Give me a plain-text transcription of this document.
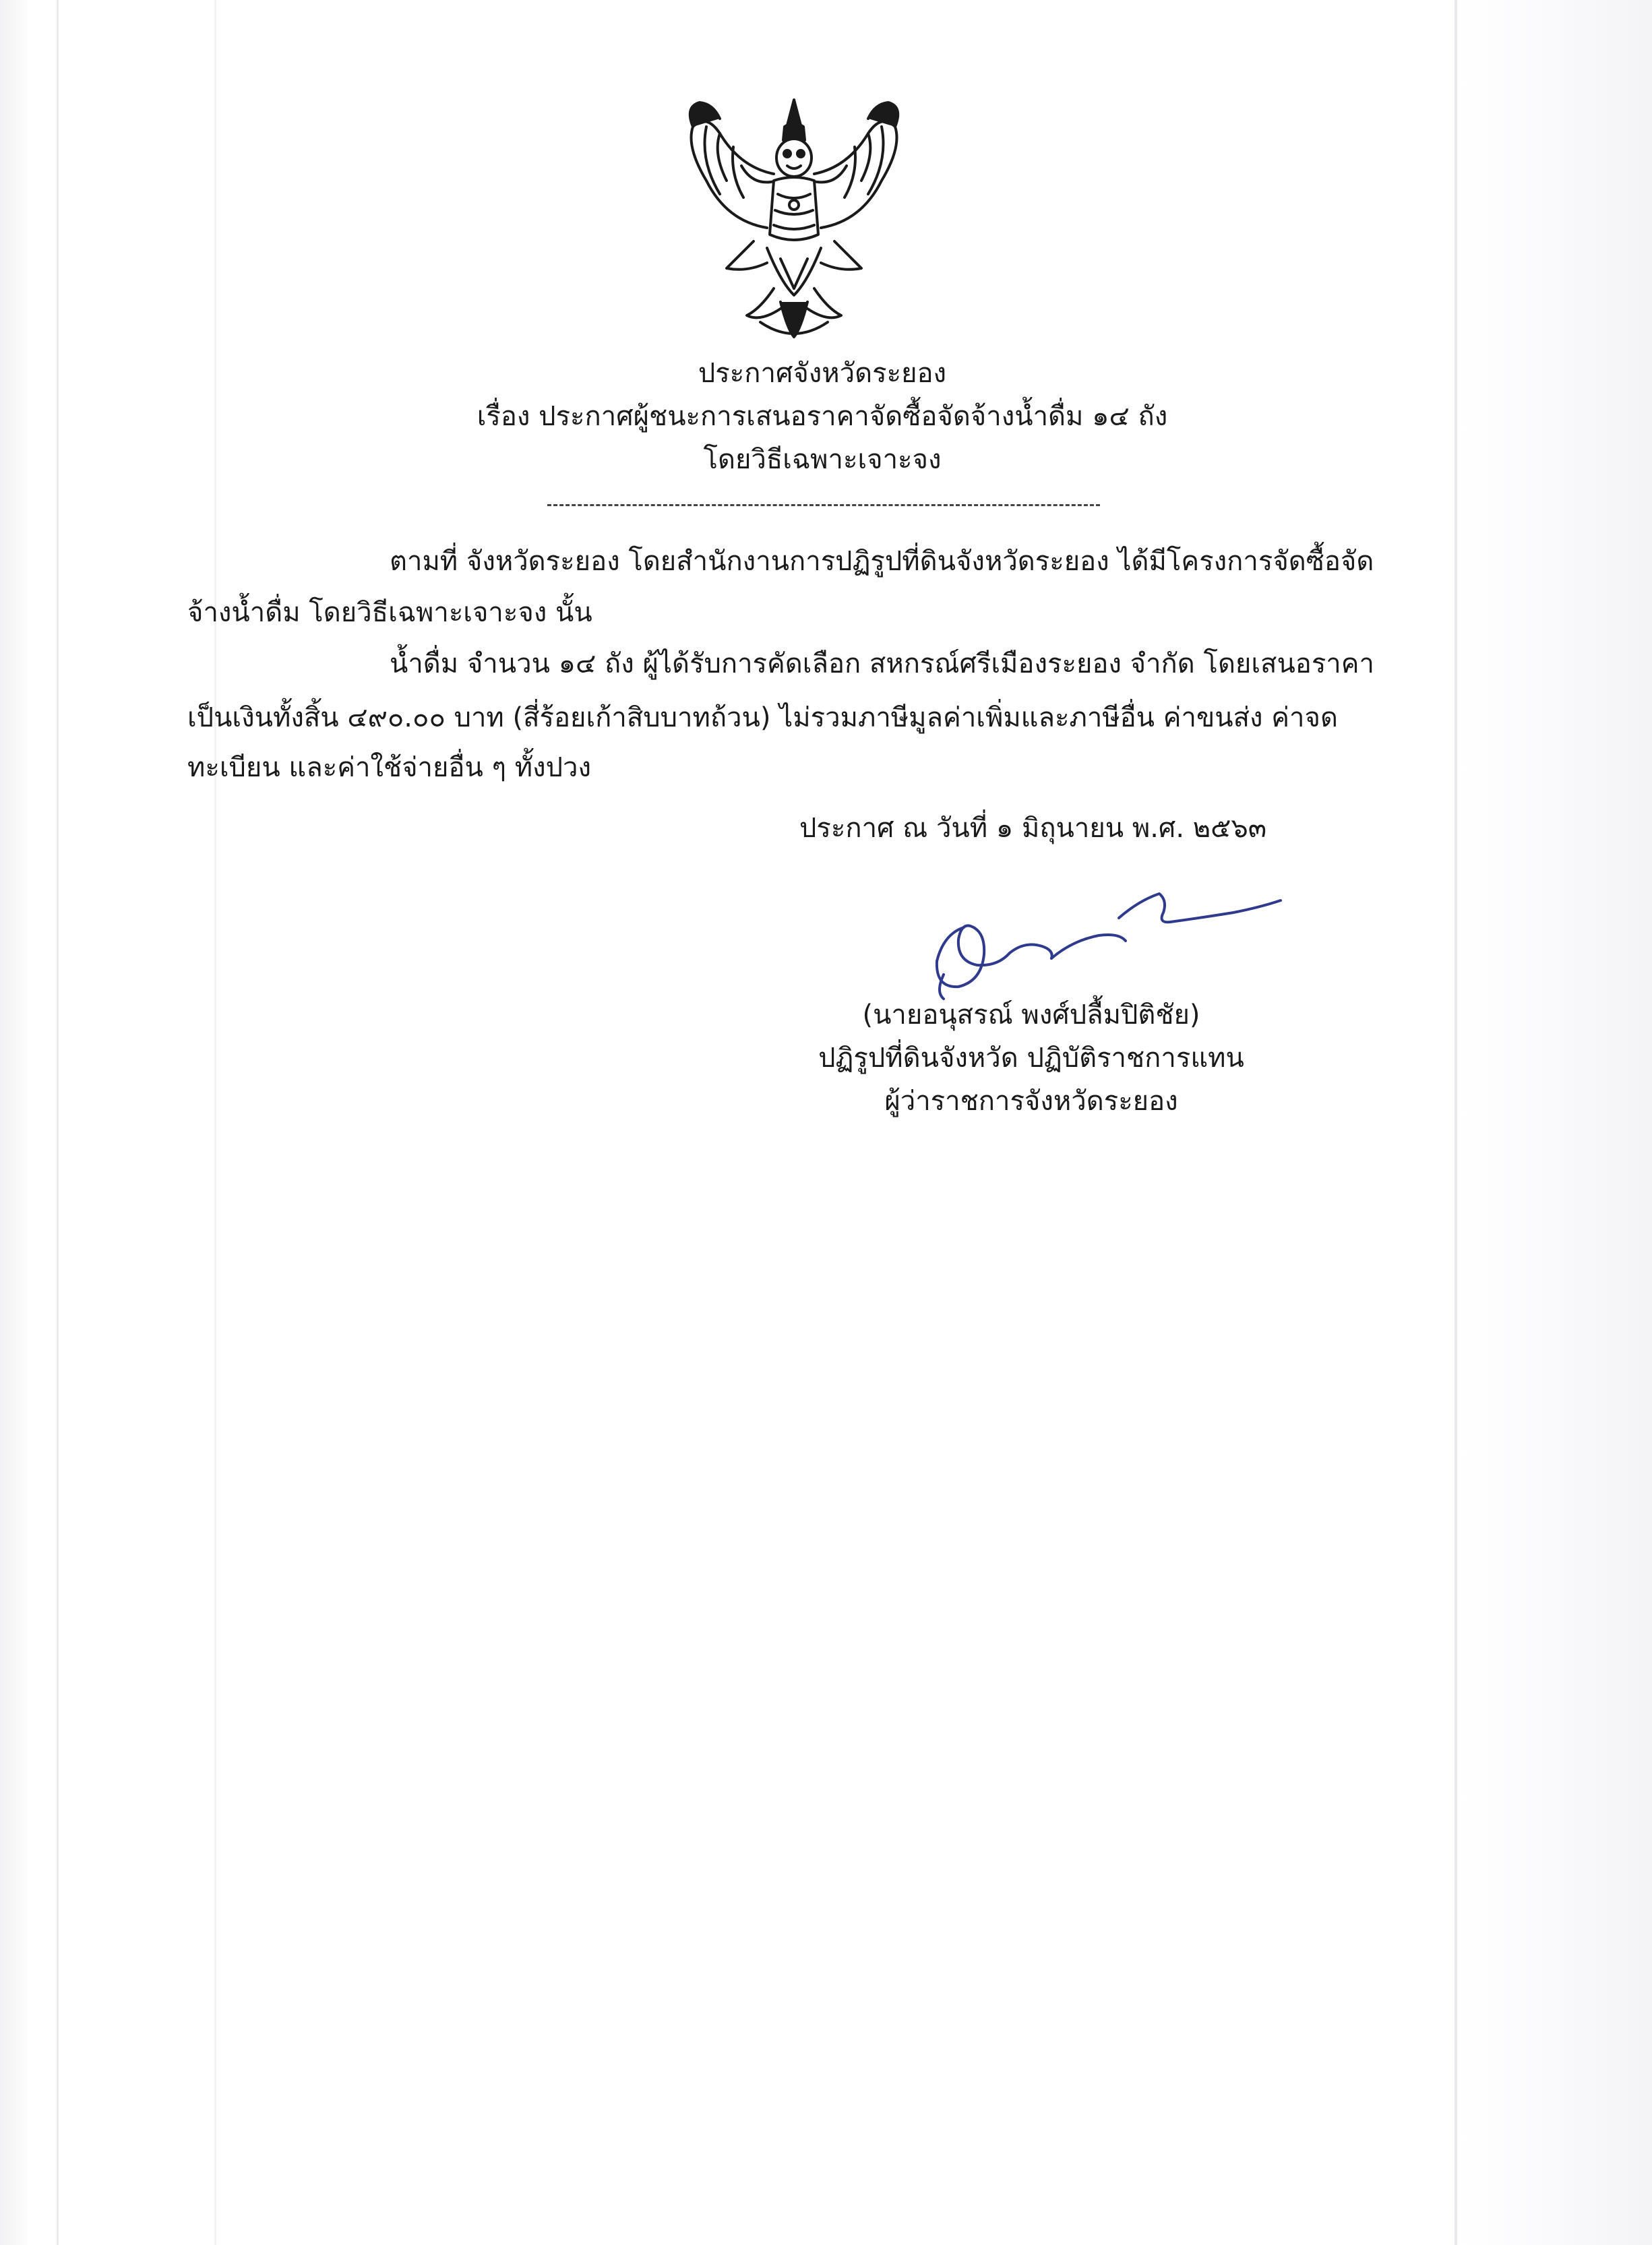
ประกาศจังหวัดระยอง
เรื่อง ประกาศผู้ชนะการเสนอราคาจัดซื้อจัดจ้างน้ำดื่ม ๑๔ ถัง
โดยวิธีเฉพาะเจาะจง
ตามที่ จังหวัดระยอง โดยสำนักงานการปฏิรูปที่ดินจังหวัดระยอง ได้มีโครงการจัดซื้อจัด
จ้างน้ำดื่ม โดยวิธีเฉพาะเจาะจง นั้น
น้ำดื่ม จำนวน ๑๔ ถัง ผู้ได้รับการคัดเลือก สหกรณ์ศรีเมืองระยอง จำกัด โดยเสนอราคา
เป็นเงินทั้งสิ้น ๔๙๐.๐๐ บาท (สี่ร้อยเก้าสิบบาทถ้วน) ไม่รวมภาษีมูลค่าเพิ่มและภาษีอื่น ค่าขนส่ง ค่าจด
ทะเบียน และค่าใช้จ่ายอื่น ๆ ทั้งปวง
ประกาศ ณ วันที่ ๑ มิถุนายน พ.ศ. ๒๕๖๓
(นายอนุสรณ์ พงศ์ปลื้มปิติชัย)
ปฏิรูปที่ดินจังหวัด ปฏิบัติราชการแทน
ผู้ว่าราชการจังหวัดระยอง
